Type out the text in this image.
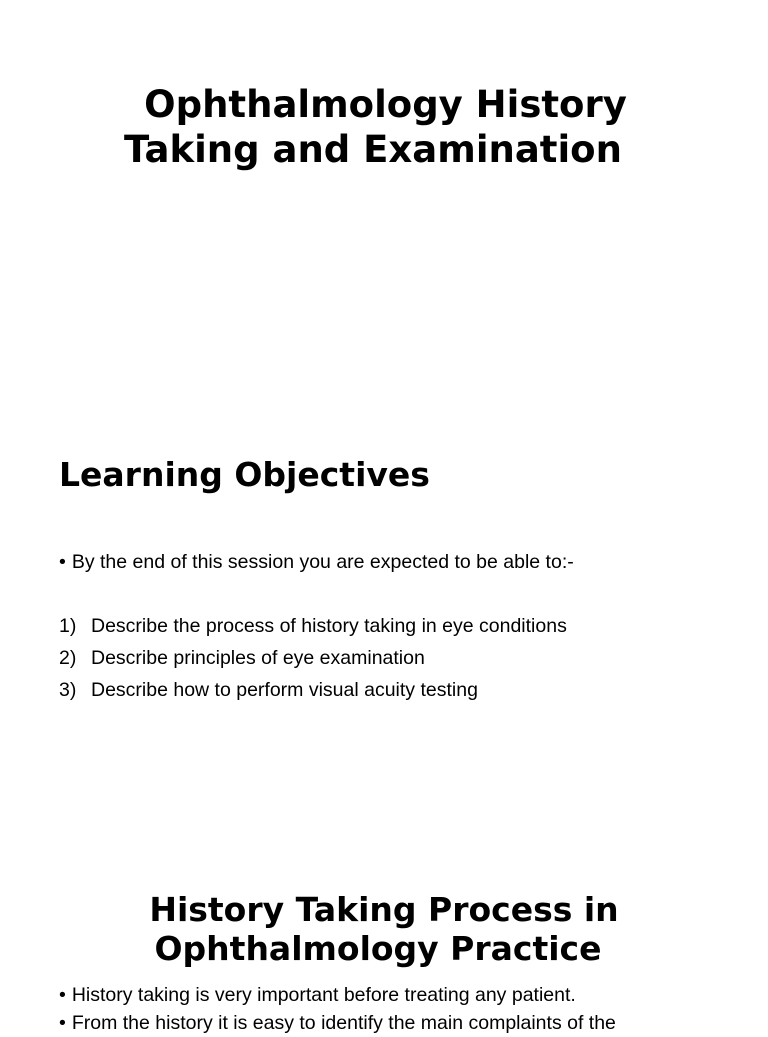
Ophthalmology History
Taking and Examination
Learning Objectives

• By the end of this session you are expected to be able to:-

1) Describe the process of history taking in eye conditions
2) Describe principles of eye examination
3) Describe how to perform visual acuity testing
History Taking Process in
Ophthalmology Practice
• History taking is very important before treating any patient.
• From the history it is easy to identify the main complaints of the
